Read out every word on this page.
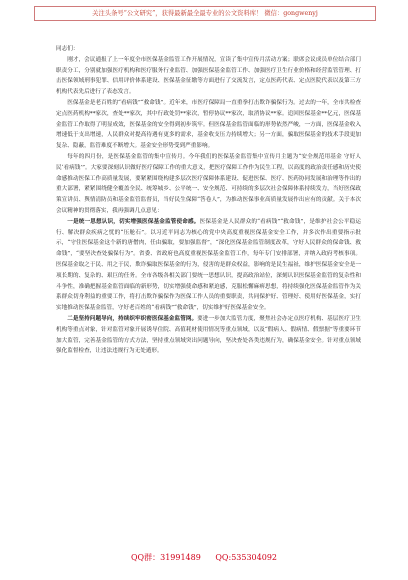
关注头条号“公文研究”，获得最新最全最专业的公文资料库！ 微信：gongwenyj

同志们：

刚才，会议通报了上一年度全市医保基金监管工作开展情况，宣读了集中宣传月活动方案；联席会议成员单位结合部门职责分工，分别就加强医疗机构和医疗服务行业监管、加强医保基金监管工作、加强医疗卫生行业价格和经营监管管理、打击医保领域刑事犯罪、信用评价体系建设、医保基金征缴等方面进行了交流发言，定点医药代表、定点医院代表以及第三方机构代表先后进行了表态发言。

医保基金是老百姓的“看病钱”“救命钱”。近年来，市医疗保障局一直重拳打击欺诈骗保行为。过去的一年，全市共检查定点医药机构**家次，查处**家次，其中行政处罚**家次，暂停协议**家次，取消协议**家。追回医保基金**亿元，医保基金监管工作取得了明显成效，医保基金的安全得到初步筑牢。但医保基金监管面临的形势依然严峻，一方面，医保基金收入增速低于支出增速，人民群众对提高待遇有更多的需求，基金收支压力持续增大；另一方面，骗取医保基金的技术手段更加复杂、隐蔽，监管难度不断增大。基金安全形势受到严重影响。

每年的四月份，是医保基金监管的集中宣传月。今年我们的医保基金监管集中宣传月主题为“安全规范用基金 守好人民‘看病钱’”。大家要深刻认识做好医疗保障工作的重大意义，把医疗保障工作作为民生工程，以高度的政治责任感和历史使命感推动医保工作高质量发展，要紧紧围绕构建多层次医疗保障体系建设、促进医保、医疗、医药协同发展和治理等作出的重大部署，紧紧围绕健全覆盖全民、统筹城乡、公平统一、安全规范、可持续的多层次社会保障体系持续发力，当好医保政策宣讲员、舆情清防员和基金监管监督员，当好民生保障“答卷人”，为推动医保事业高质量发展作出应有的贡献。关于本次会议精神的贯彻落实，我再强调几点意见：

一是统一思想认识，切实增强医保基金监管使命感。医保基金是人民群众的“看病钱”“救命钱”，是维护社会公平稳运行、解决群众疾病之忧的“压舱石”。以习近平同志为核心的党中央高度重视医保基金安全工作，并多次作出重要指示批示，“守住医保基金这个新的唐僧肉，任由骗取，要加强监督”，“深化医保基金监管制度改革，守好人民群众的保命钱、救命钱”，“要坚决查处骗保行为”。省委、省政府也高度重视医保基金监管工作，每年专门安排部署，并纳入政府考核事项。医保基金取之于民、用之于民，欺诈骗取医保基金的行为，侵害的是群众权益，影响的是民生福祉，维护医保基金安全是一项长期的、复杂的、艰巨的任务。全市各级各相关部门要统一思想认识，提高政治站位，深刻认识医保基金监管的复杂性和斗争性，准确把握基金监管面临的新形势，切实增强使命感和紧迫感，克服松懈麻痹思想，将持续强化医保基金监管作为关系群众切身利益的重要工作，将打击欺诈骗保作为医保工作人员的重要职责，共同保护好、管理好、使用好医保基金，实打实地推动医保基金监管，守好老百姓的“看病钱”“救命钱”，切实维护好医保基金安全。

二是坚持问题导向，持续织牢织密医保基金监管网。要进一步加大监管力度，聚焦社会办定点医疗机构、基层医疗卫生机构等重点对象，针对监管对象开展诱导住院、高值耗材使用情况等重点领域，以及“假病人、假病情、假票据”等重要环节加大监管，完善基金监管的方式方法，坚持重点领域突出问题导向，坚决查处各类违规行为，确保基金安全。针对重点领域强化监督检查，让违法违规行为无处遁形。

QQ群：31991489 QQ:535304092
